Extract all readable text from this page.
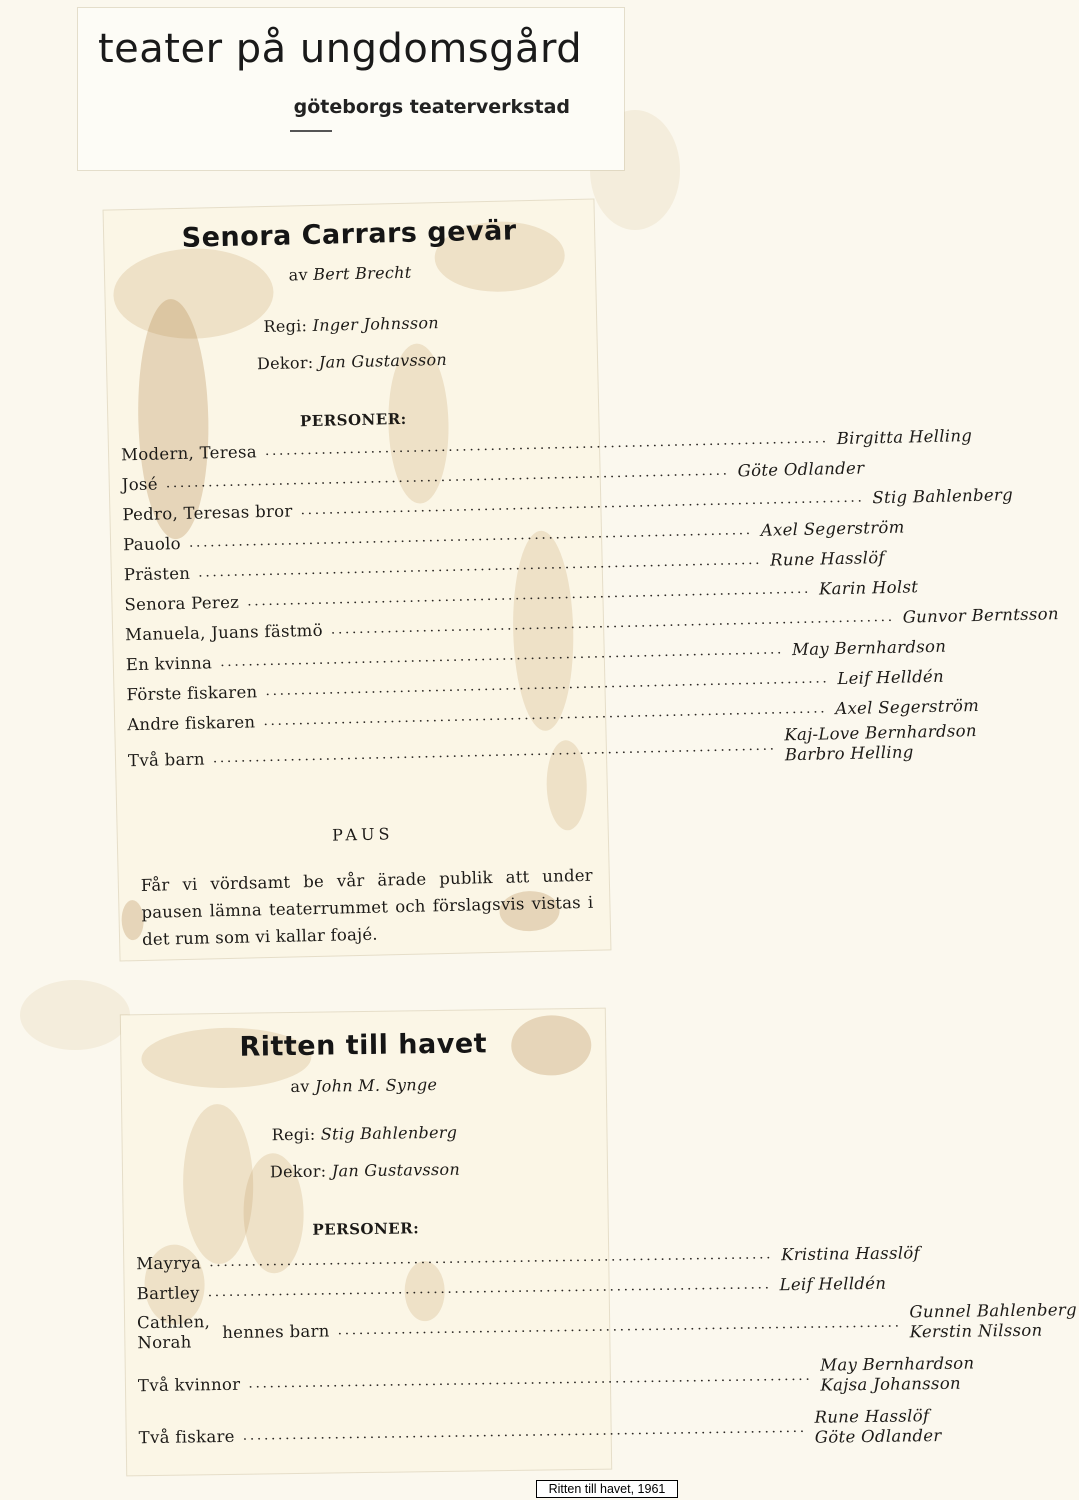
teater på ungdomsgård
göteborgs teaterverkstad
Senora Carrars gevär
av Bert Brecht
Regi: Inger Johnsson
Dekor: Jan Gustavsson
PERSONER:
Modern, Teresa ................................................................................ Birgitta Helling
José ................................................................................ Göte Odlander
Pedro, Teresas bror ................................................................................ Stig Bahlenberg
Pauolo ................................................................................ Axel Segerström
Prästen ................................................................................ Rune Hasslöf
Senora Perez ................................................................................ Karin Holst
Manuela, Juans fästmö ................................................................................ Gunvor Berntsson
En kvinna ................................................................................ May Bernhardson
Förste fiskaren ................................................................................ Leif Helldén
Andre fiskaren ................................................................................ Axel Segerström
Två barn ................................................................................
Kaj-Love Bernhardson
Barbro Helling
PAUS
Får vi vördsamt be vår ärade publik att under pausen lämna teaterrummet och förslagsvis vistas i det rum som vi kallar foajé.
Ritten till havet
av John M. Synge
Regi: Stig Bahlenberg
Dekor: Jan Gustavsson
PERSONER:
Mayrya ................................................................................ Kristina Hasslöf
Bartley ................................................................................ Leif Helldén
Cathlen,
Norah
hennes barn ................................................................................
Gunnel Bahlenberg
Kerstin Nilsson
Två kvinnor ................................................................................
May Bernhardson
Kajsa Johansson
Två fiskare ................................................................................
Rune Hasslöf
Göte Odlander
Ritten till havet, 1961
